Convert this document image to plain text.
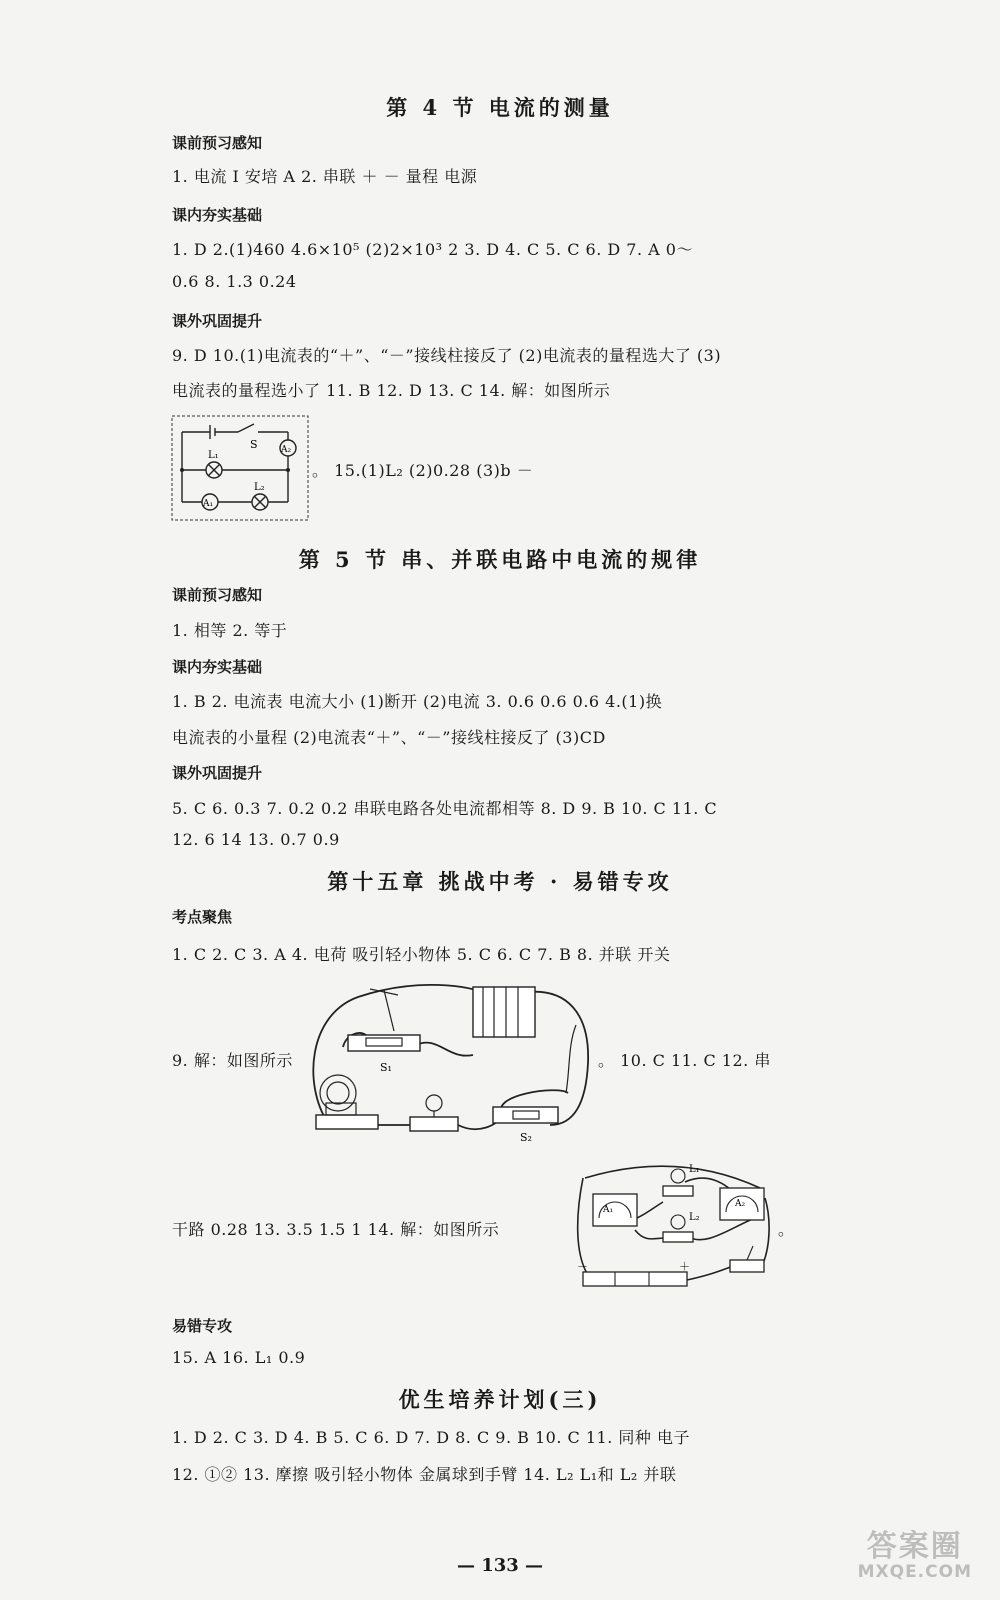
第 4 节 电流的测量
课前预习感知
1. 电流 I 安培 A 2. 串联 ＋ － 量程 电源
课内夯实基础
1. D 2.(1)460 4.6×10⁵ (2)2×10³ 2 3. D 4. C 5. C 6. D 7. A 0～
0.6 8. 1.3 0.24
课外巩固提升
9. D 10.(1)电流表的“＋”、“－”接线柱接反了 (2)电流表的量程选大了 (3)
电流表的量程选小了 11. B 12. D 13. C 14. 解：如图所示
S	A₂
L₁
A₁
L₂
。 15.(1)L₂ (2)0.28 (3)b －
第 5 节 串、并联电路中电流的规律
课前预习感知
1. 相等 2. 等于
课内夯实基础
1. B 2. 电流表 电流大小 (1)断开 (2)电流 3. 0.6 0.6 0.6 4.(1)换
电流表的小量程 (2)电流表“＋”、“－”接线柱接反了 (3)CD
课外巩固提升
5. C 6. 0.3 7. 0.2 0.2 串联电路各处电流都相等 8. D 9. B 10. C 11. C
12. 6 14 13. 0.7 0.9
第十五章 挑战中考 · 易错专攻
考点聚焦
1. C 2. C 3. A 4. 电荷 吸引轻小物体 5. C 6. C 7. B 8. 并联 开关
9. 解：如图所示	S₁
S₂
。 10. C 11. C 12. 串
干路 0.28 13. 3.5 1.5 1 14. 解：如图所示
L₁
L₂
A₁
A₂
－	＋
。
易错专攻
15. A 16. L₁ 0.9
优生培养计划(三)
1. D 2. C 3. D 4. B 5. C 6. D 7. D 8. C 9. B 10. C 11. 同种 电子
12. ①② 13. 摩擦 吸引轻小物体 金属球到手臂 14. L₂ L₁和 L₂ 并联
— 133 —
答案圈
MXQE.COM
